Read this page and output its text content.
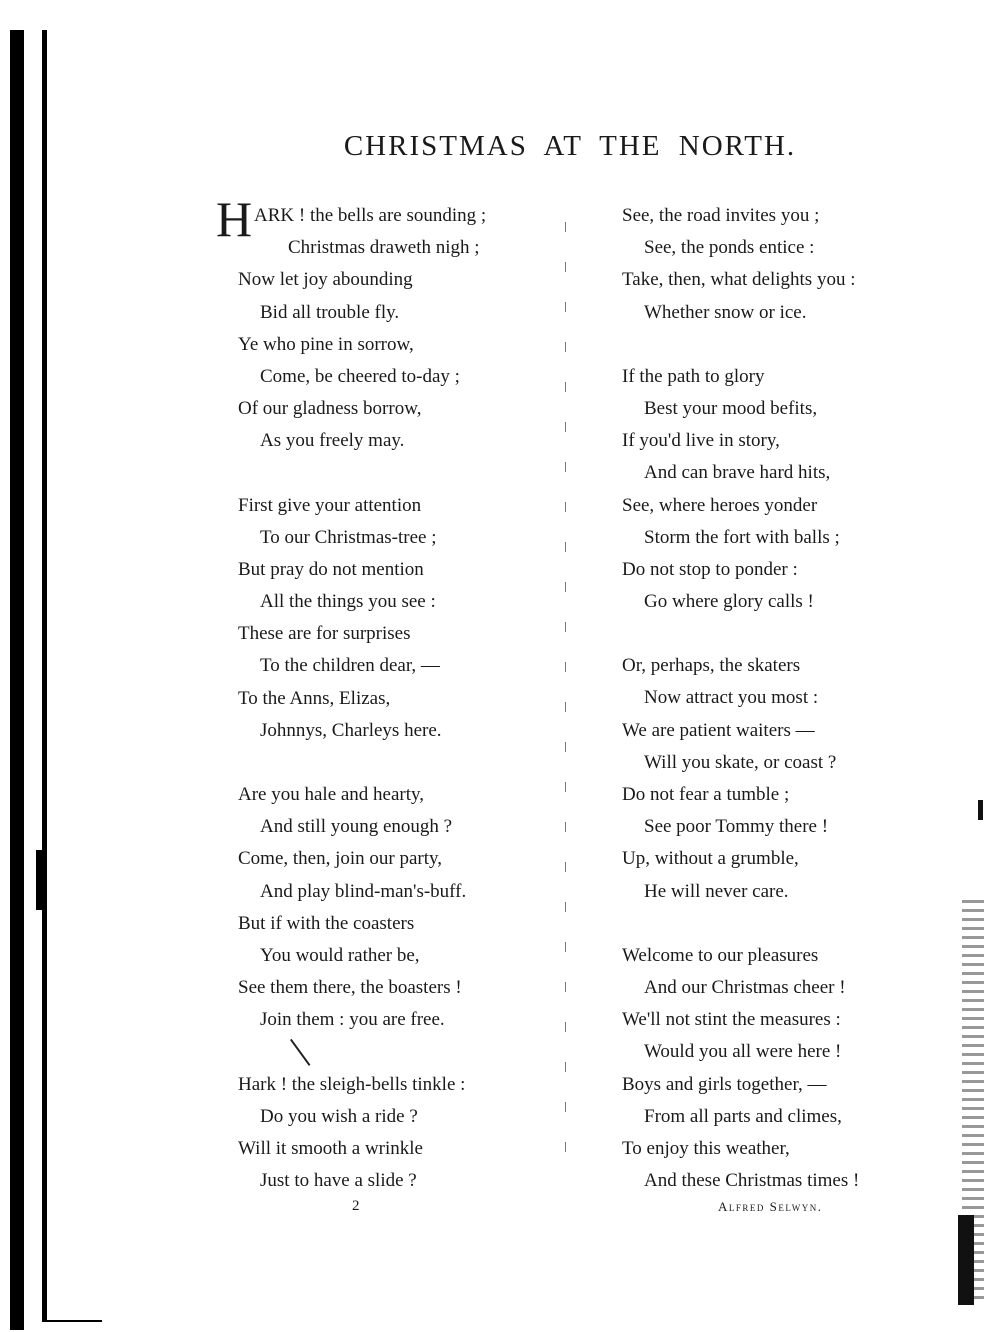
CHRISTMAS AT THE NORTH.
H ARK ! the bells are sounding ;
Christmas draweth nigh ;
Now let joy abounding
Bid all trouble fly.
Ye who pine in sorrow,
Come, be cheered to-day ;
Of our gladness borrow,
As you freely may.
First give your attention
To our Christmas-tree ;
But pray do not mention
All the things you see :
These are for surprises
To the children dear, —
To the Anns, Elizas,
Johnnys, Charleys here.
Are you hale and hearty,
And still young enough ?
Come, then, join our party,
And play blind-man's-buff.
But if with the coasters
You would rather be,
See them there, the boasters !
Join them : you are free.
Hark ! the sleigh-bells tinkle :
Do you wish a ride ?
Will it smooth a wrinkle
Just to have a slide ?
See, the road invites you ;
See, the ponds entice :
Take, then, what delights you :
Whether snow or ice.
If the path to glory
Best your mood befits,
If you'd live in story,
And can brave hard hits,
See, where heroes yonder
Storm the fort with balls ;
Do not stop to ponder :
Go where glory calls !
Or, perhaps, the skaters
Now attract you most :
We are patient waiters —
Will you skate, or coast ?
Do not fear a tumble ;
See poor Tommy there !
Up, without a grumble,
He will never care.
Welcome to our pleasures
And our Christmas cheer !
We'll not stint the measures :
Would you all were here !
Boys and girls together, —
From all parts and climes,
To enjoy this weather,
And these Christmas times !
2	Alfred Selwyn.
